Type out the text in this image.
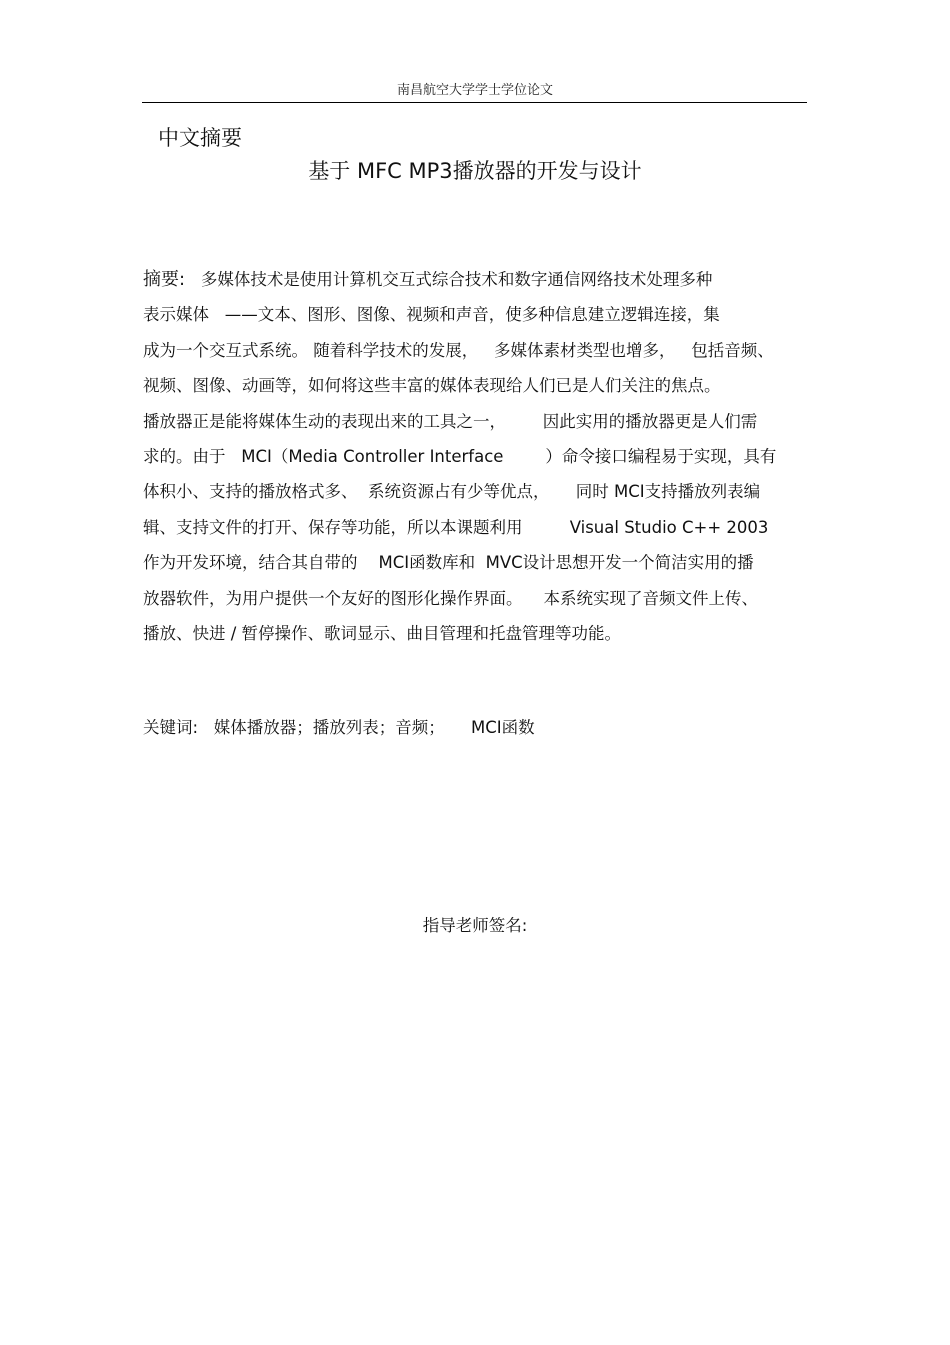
南昌航空大学学士学位论文
中文摘要
基于 MFC MP3播放器的开发与设计
摘要:   多媒体技术是使用计算机交互式综合技术和数字通信网络技术处理多种
表示媒体   ——文本、图形、图像、视频和声音，使多种信息建立逻辑连接，集
成为一个交互式系统。 随着科学技术的发展，   多媒体素材类型也增多，   包括音频、
视频、图像、动画等，如何将这些丰富的媒体表现给人们已是人们关注的焦点。
播放器正是能将媒体生动的表现出来的工具之一，       因此实用的播放器更是人们需
求的。由于   MCI（Media Controller Interface        ）命令接口编程易于实现，具有
体积小、支持的播放格式多、  系统资源占有少等优点，     同时 MCI支持播放列表编
辑、支持文件的打开、保存等功能，所以本课题利用         Visual Studio C++ 2003
作为开发环境，结合其自带的    MCI函数库和  MVC设计思想开发一个简洁实用的播
放器软件，为用户提供一个友好的图形化操作界面。    本系统实现了音频文件上传、
播放、快进 / 暂停操作、歌词显示、曲目管理和托盘管理等功能。
关键词:   媒体播放器；播放列表；音频；     MCI函数
指导老师签名:
